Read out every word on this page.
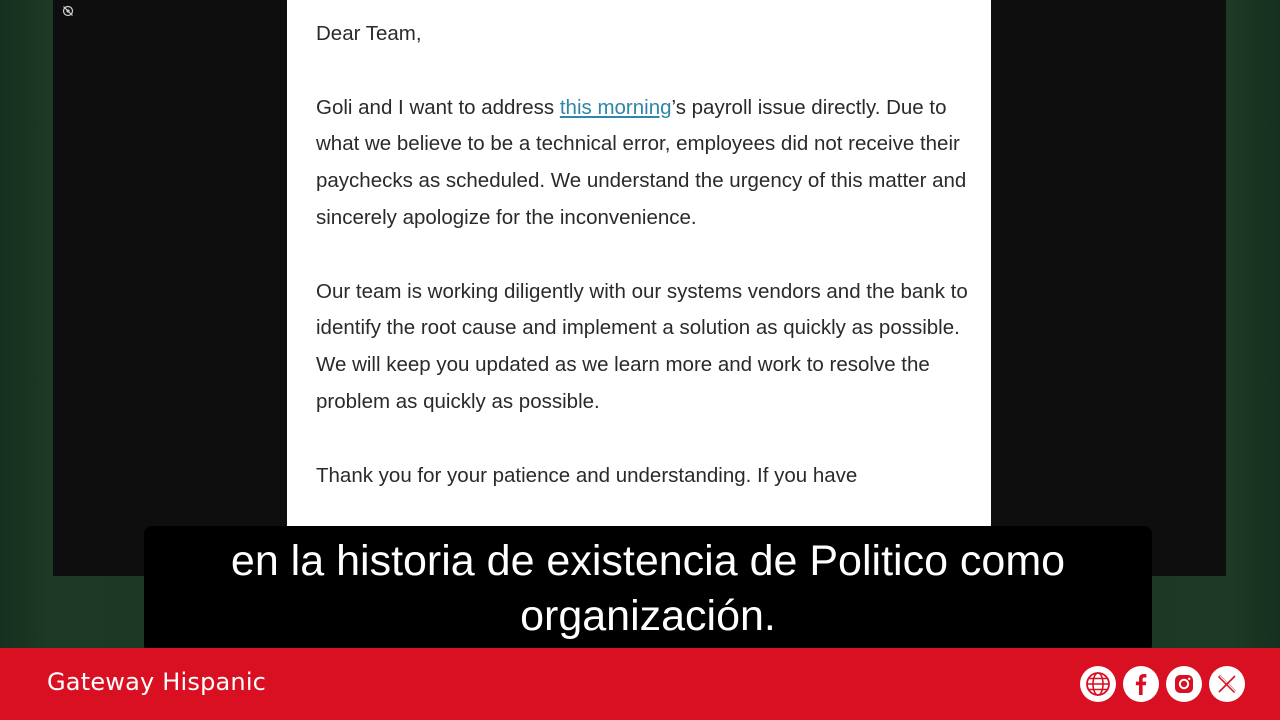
Dear Team,

Goli and I want to address this morning’s payroll issue directly. Due to what we believe to be a technical error, employees did not receive their paychecks as scheduled. We understand the urgency of this matter and sincerely apologize for the inconvenience.

Our team is working diligently with our systems vendors and the bank to identify the root cause and implement a solution as quickly as possible. We will keep you updated as we learn more and work to resolve the problem as quickly as possible.

Thank you for your patience and understanding. If you have

en la historia de existencia de Politico como
organización.
Gateway Hispanic
